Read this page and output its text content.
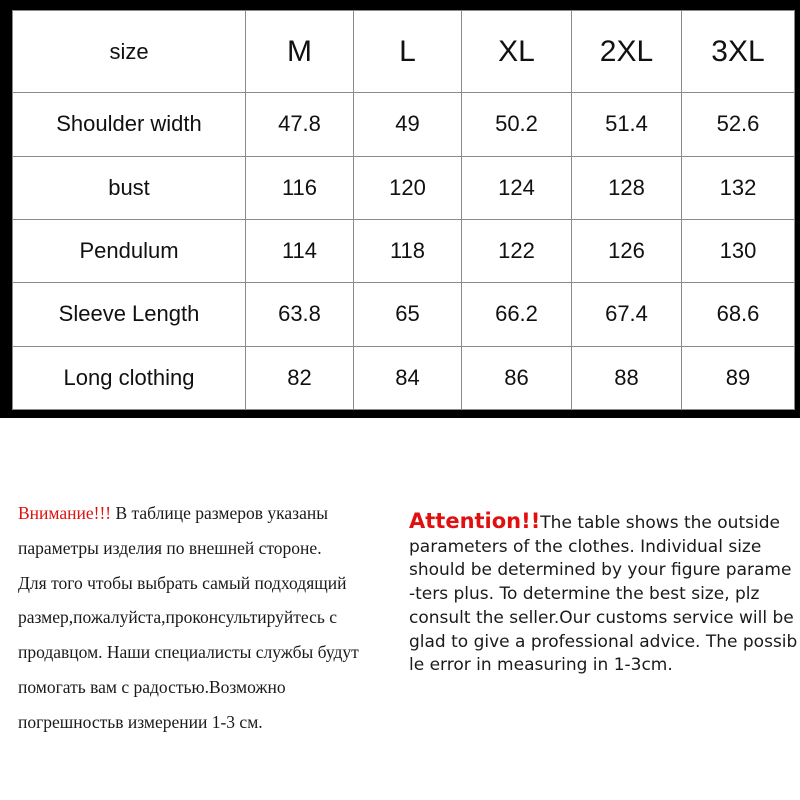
size	M	L	XL	2XL	3XL
Shoulder width	47.8	49	50.2	51.4	52.6
bust	116	120	124	128	132
Pendulum	114	118	122	126	130
Sleeve Length	63.8	65	66.2	67.4	68.6
Long clothing	82	84	86	88	89
Внимание!!! В таблице размеров указаны
параметры изделия по внешней стороне.
Для того чтобы выбрать самый подходящий
размер,пожалуйста,проконсультируйтесь с
продавцом. Наши специалисты службы будут
помогать вам с радостью.Возможно
погрешностьв измерении 1-3 см.
Attention!!The table shows the outside
parameters of the clothes. Individual size
should be determined by your figure parame
-ters plus. To determine the best size, plz
consult the seller.Our customs service will be
glad to give a professional advice. The possib
le error in measuring in 1-3cm.
